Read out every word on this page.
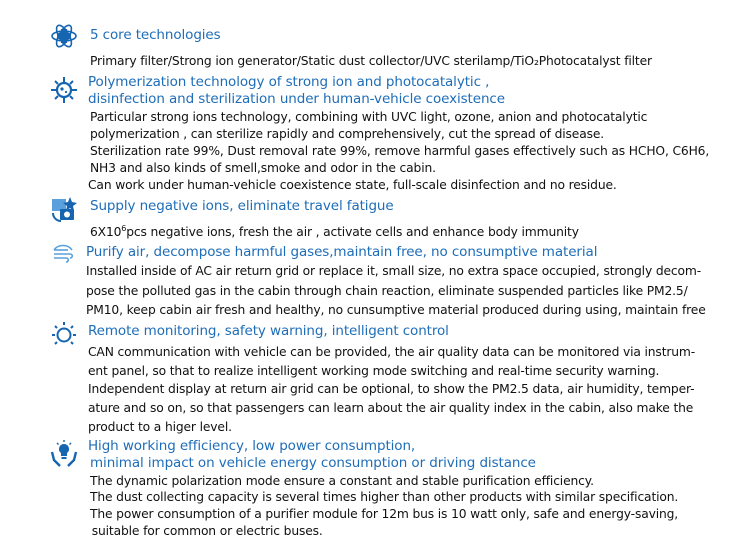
5 core technologies
Primary filter/Strong ion generator/Static dust collector/UVC sterilamp/TiO₂Photocatalyst filter
Polymerization technology of strong ion and photocatalytic ,
disinfection and sterilization under human-vehicle coexistence
Particular strong ions technology, combining with UVC light, ozone, anion and photocatalytic
polymerization , can sterilize rapidly and comprehensively, cut the spread of disease.
Sterilization rate 99%, Dust removal rate 99%, remove harmful gases effectively such as HCHO, C6H6,
NH3 and also kinds of smell,smoke and odor in the cabin.
Can work under human-vehicle coexistence state, full-scale disinfection and no residue.
Supply negative ions, eliminate travel fatigue
$6X10^6pcs$ negative ions, fresh the air , activate cells and enhance body immunity
Purify air, decompose harmful gases,maintain free, no consumptive material
Installed inside of AC air return grid or replace it, small size, no extra space occupied, strongly decom-
pose the polluted gas in the cabin through chain reaction, eliminate suspended particles like PM2.5/
PM10, keep cabin air fresh and healthy, no cunsumptive material produced during using, maintain free
Remote monitoring, safety warning, intelligent control
CAN communication with vehicle can be provided, the air quality data can be monitored via instrum-
ent panel, so that to realize intelligent working mode switching and real-time security warning.
Independent display at return air grid can be optional, to show the PM2.5 data, air humidity, temper-
ature and so on, so that passengers can learn about the air quality index in the cabin, also make the
product to a higer level.
High working efficiency, low power consumption,
minimal impact on vehicle energy consumption or driving distance
The dynamic polarization mode ensure a constant and stable purification efficiency.
The dust collecting capacity is several times higher than other products with similar specification.
The power consumption of a purifier module for 12m bus is 10 watt only, safe and energy-saving,
suitable for common or electric buses.
